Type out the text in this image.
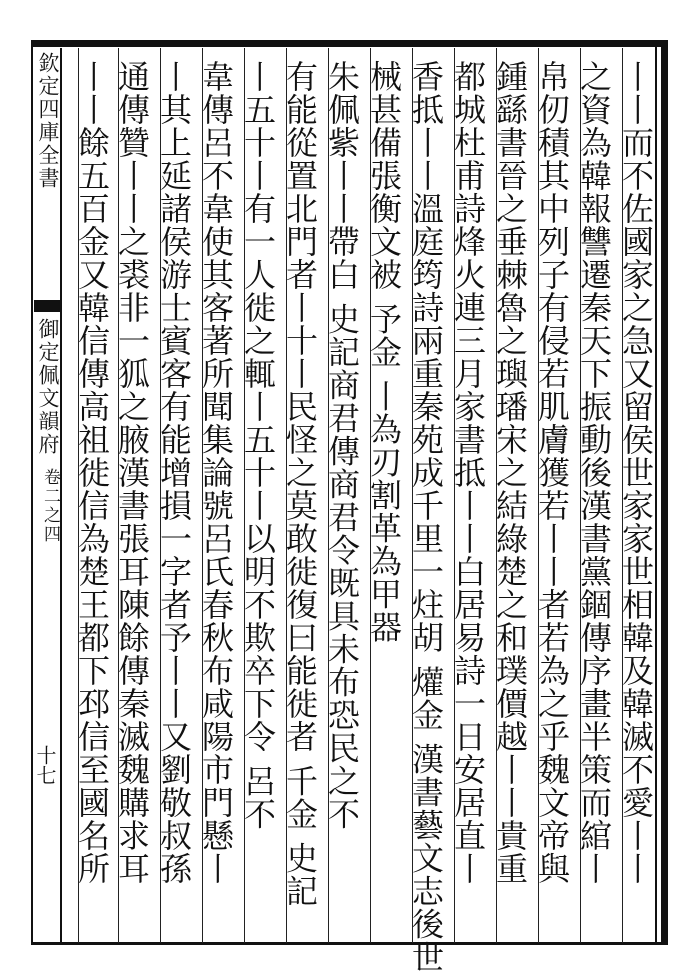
欽定四庫全書
御定佩文韻府
卷二之四
十七	丨丨而不佐國家之急又留侯世家家世相韓及韓滅不愛丨丨
之資為韓報讐遷秦天下振動後漢書黨錮傳序畫半策而綰丨
帛仞積其中列子有侵若肌膚獲若丨丨者若為之乎魏文帝與
鍾繇書晉之垂棘魯之璵璠宋之結綠楚之和璞價越丨丨貴重
都城杜甫詩烽火連三月家書抵丨丨白居易詩一日安居直丨
香抵丨丨溫庭筠詩兩重秦苑成千里一炷胡 爟金 漢書藝文志後世
械甚備張衡文被 予金 丨為刃割革為甲器
朱佩紫丨丨帶白 史記商君傳商君令既具未布恐民之不
有能從置北門者丨十丨民怪之莫敢徙復曰能徙者 千金 史記
丨五十丨有一人徙之輒丨五十丨以明不欺卒下令 呂不
韋傳呂不韋使其客著所聞集論號呂氏春秋布咸陽市門懸丨
丨其上延諸侯游士賓客有能增損一字者予丨丨又劉敬叔孫
通傳贊丨丨之裘非一狐之腋漢書張耳陳餘傳秦滅魏購求耳
丨丨餘五百金又韓信傳高祖徙信為楚王都下邳信至國名所
